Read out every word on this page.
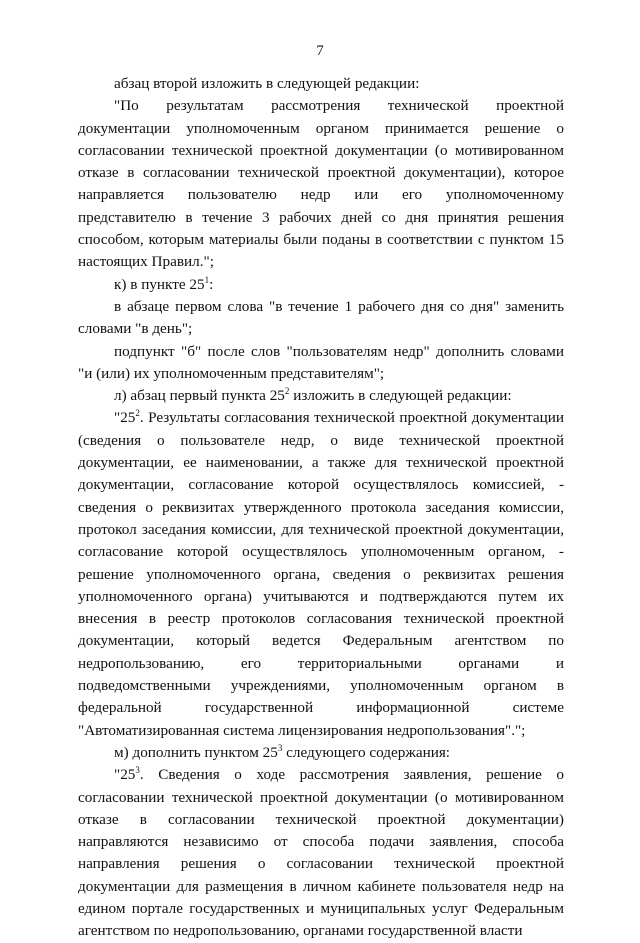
7

абзац второй изложить в следующей редакции:

"По результатам рассмотрения технической проектной документации уполномоченным органом принимается решение о согласовании технической проектной документации (о мотивированном отказе в согласовании технической проектной документации), которое направляется пользователю недр или его уполномоченному представителю в течение 3 рабочих дней со дня принятия решения способом, которым материалы были поданы в соответствии с пунктом 15 настоящих Правил.";

к) в пункте $25^1$:

в абзаце первом слова "в течение 1 рабочего дня со дня" заменить словами "в день";

подпункт "б" после слов "пользователям недр" дополнить словами "и (или) их уполномоченным представителям";

л) абзац первый пункта $25^2$ изложить в следующей редакции:

"$25^2$. Результаты согласования технической проектной документации (сведения о пользователе недр, о виде технической проектной документации, ее наименовании, а также для технической проектной документации, согласование которой осуществлялось комиссией, - сведения о реквизитах утвержденного протокола заседания комиссии, протокол заседания комиссии, для технической проектной документации, согласование которой осуществлялось уполномоченным органом, - решение уполномоченного органа, сведения о реквизитах решения уполномоченного органа) учитываются и подтверждаются путем их внесения в реестр протоколов согласования технической проектной документации, который ведется Федеральным агентством по недропользованию, его территориальными органами и подведомственными учреждениями, уполномоченным органом в федеральной государственной информационной системе "Автоматизированная система лицензирования недропользования".";

м) дополнить пунктом $25^3$ следующего содержания:

"$25^3$. Сведения о ходе рассмотрения заявления, решение о согласовании технической проектной документации (о мотивированном отказе в согласовании технической проектной документации) направляются независимо от способа подачи заявления, способа направления решения о согласовании технической проектной документации для размещения в личном кабинете пользователя недр на едином портале государственных и муниципальных услуг Федеральным агентством по недропользованию, органами государственной власти
